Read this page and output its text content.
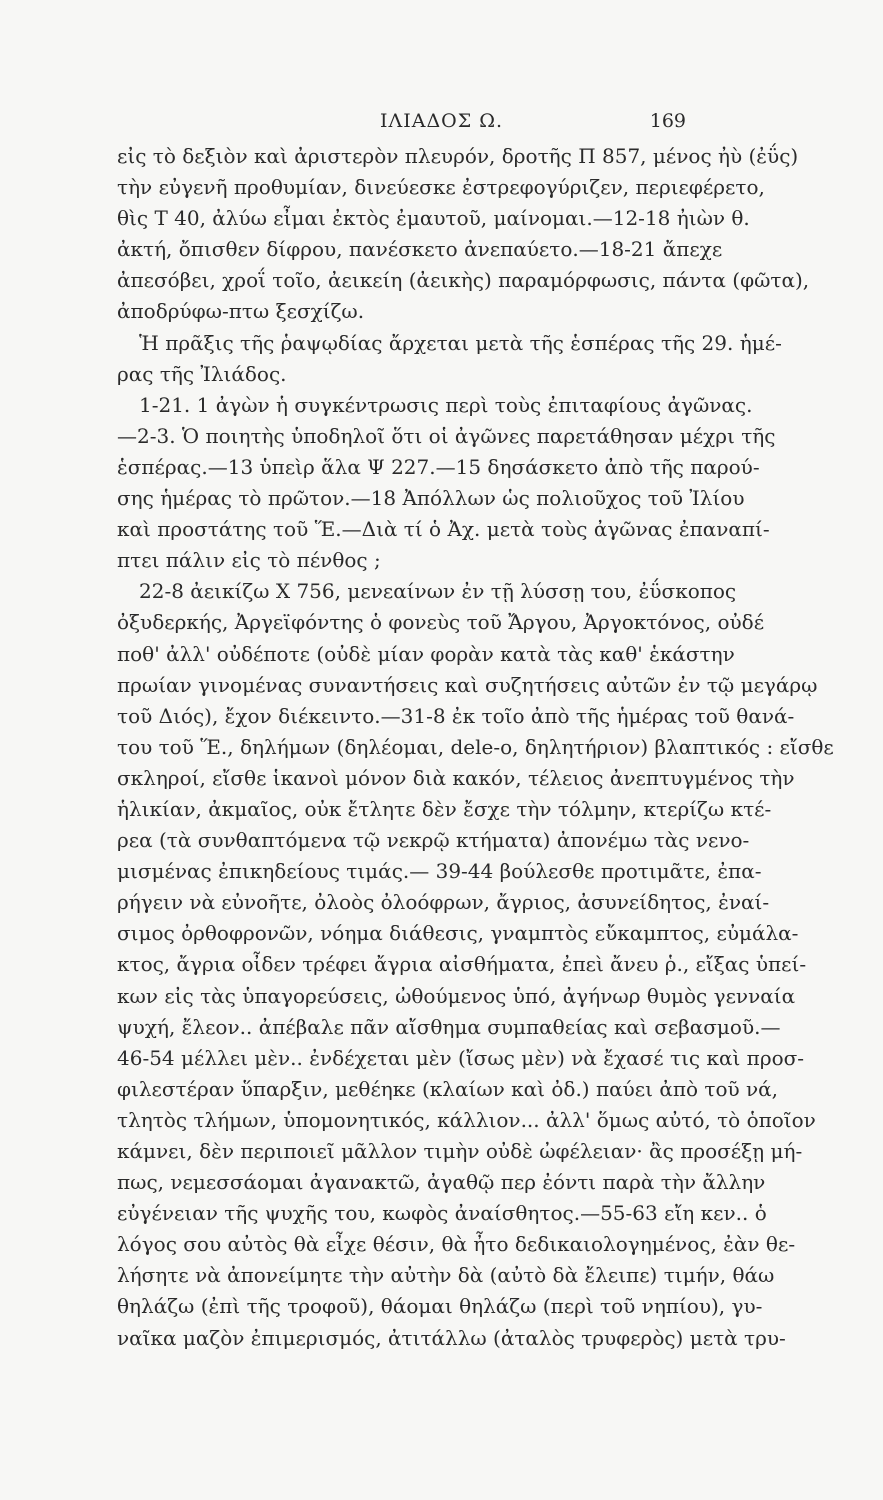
ΙΛΙΑΔΟΣ Ω.	169
εἰς τὸ δεξιὸν καὶ ἀριστερὸν πλευρόν, δροτῆς Π 857, μένος ἠὺ (ἐΰς)
τὴν εὐγενῆ προθυμίαν, δινεύεσκε ἐστρεφογύριζεν, περιεφέρετο,
θὶς Τ 40, ἀλύω εἶμαι ἐκτὸς ἐμαυτοῦ, μαίνομαι.—12-18 ἠιὼν θ.
ἀκτή, ὄπισθεν δίφρου, πανέσκετο ἀνεπαύετο.—18-21 ἄπεχε
ἀπεσόβει, χροΐ τοῖο, ἀεικείη (ἀεικὴς) παραμόρφωσις, πάντα (φῶτα),
ἀποδρύφω-πτω ξεσχίζω.
Ἡ πρᾶξις τῆς ῥαψῳδίας ἄρχεται μετὰ τῆς ἑσπέρας τῆς 29. ἡμέ-
ρας τῆς Ἰλιάδος.
1-21. 1 ἀγὼν ἡ συγκέντρωσις περὶ τοὺς ἐπιταφίους ἀγῶνας.
—2-3. Ὁ ποιητὴς ὑποδηλοῖ ὅτι οἱ ἀγῶνες παρετάθησαν μέχρι τῆς
ἑσπέρας.—13 ὑπεὶρ ἅλα Ψ 227.—15 δησάσκετο ἀπὸ τῆς παρού-
σης ἡμέρας τὸ πρῶτον.—18 Ἀπόλλων ὡς πολιοῦχος τοῦ Ἰλίου
καὶ προστάτης τοῦ Ἕ.—Διὰ τί ὁ Ἀχ. μετὰ τοὺς ἀγῶνας ἐπαναπί-
πτει πάλιν εἰς τὸ πένθος ;
22-8 ἀεικίζω Χ 756, μενεαίνων ἐν τῇ λύσσῃ του, ἐΰσκοπος
ὀξυδερκής, Ἀργεϊφόντης ὁ φονεὺς τοῦ Ἄργου, Ἀργοκτόνος, οὐδέ
ποθ' ἀλλ' οὐδέποτε (οὐδὲ μίαν φορὰν κατὰ τὰς καθ' ἑκάστην
πρωίαν γινομένας συναντήσεις καὶ συζητήσεις αὐτῶν ἐν τῷ μεγάρῳ
τοῦ Διός), ἔχον διέκειντο.—31-8 ἐκ τοῖο ἀπὸ τῆς ἡμέρας τοῦ θανά-
του τοῦ Ἕ., δηλήμων (δηλέομαι, dele-o, δηλητήριον) βλαπτικός : εἴσθε
σκληροί, εἴσθε ἱκανοὶ μόνον διὰ κακόν, τέλειος ἀνεπτυγμένος τὴν
ἡλικίαν, ἀκμαῖος, οὐκ ἔτλητε δὲν ἔσχε τὴν τόλμην, κτερίζω κτέ-
ρεα (τὰ συνθαπτόμενα τῷ νεκρῷ κτήματα) ἀπονέμω τὰς νενο-
μισμένας ἐπικηδείους τιμάς.— 39-44 βούλεσθε προτιμᾶτε, ἐπα-
ρήγειν νὰ εὐνοῆτε, ὀλοὸς ὀλοόφρων, ἄγριος, ἀσυνείδητος, ἐναί-
σιμος ὀρθοφρονῶν, νόημα διάθεσις, γναμπτὸς εὔκαμπτος, εὐμάλα-
κτος, ἄγρια οἶδεν τρέφει ἄγρια αἰσθήματα, ἐπεὶ ἄνευ ῥ., εἴξας ὑπεί-
κων εἰς τὰς ὑπαγορεύσεις, ὠθούμενος ὑπό, ἀγήνωρ θυμὸς γενναία
ψυχή, ἔλεον.. ἀπέβαλε πᾶν αἴσθημα συμπαθείας καὶ σεβασμοῦ.—
46-54 μέλλει μὲν.. ἐνδέχεται μὲν (ἴσως μὲν) νὰ ἔχασέ τις καὶ προσ-
φιλεστέραν ὕπαρξιν, μεθέηκε (κλαίων καὶ ὀδ.) παύει ἀπὸ τοῦ νά,
τλητὸς τλήμων, ὑπομονητικός, κάλλιον... ἀλλ' ὅμως αὐτό, τὸ ὁποῖον
κάμνει, δὲν περιποιεῖ μᾶλλον τιμὴν οὐδὲ ὠφέλειαν· ἂς προσέξῃ μή-
πως, νεμεσσάομαι ἀγανακτῶ, ἀγαθῷ περ ἐόντι παρὰ τὴν ἄλλην
εὐγένειαν τῆς ψυχῆς του, κωφὸς ἀναίσθητος.—55-63 εἴη κεν.. ὁ
λόγος σου αὐτὸς θὰ εἶχε θέσιν, θὰ ἦτο δεδικαιολογημένος, ἐὰν θε-
λήσητε νὰ ἀπονείμητε τὴν αὐτὴν δὰ (αὐτὸ δὰ ἔλειπε) τιμήν, θάω
θηλάζω (ἐπὶ τῆς τροφοῦ), θάομαι θηλάζω (περὶ τοῦ νηπίου), γυ-
ναῖκα μαζὸν ἐπιμερισμός, ἀτιτάλλω (ἀταλὸς τρυφερὸς) μετὰ τρυ-
